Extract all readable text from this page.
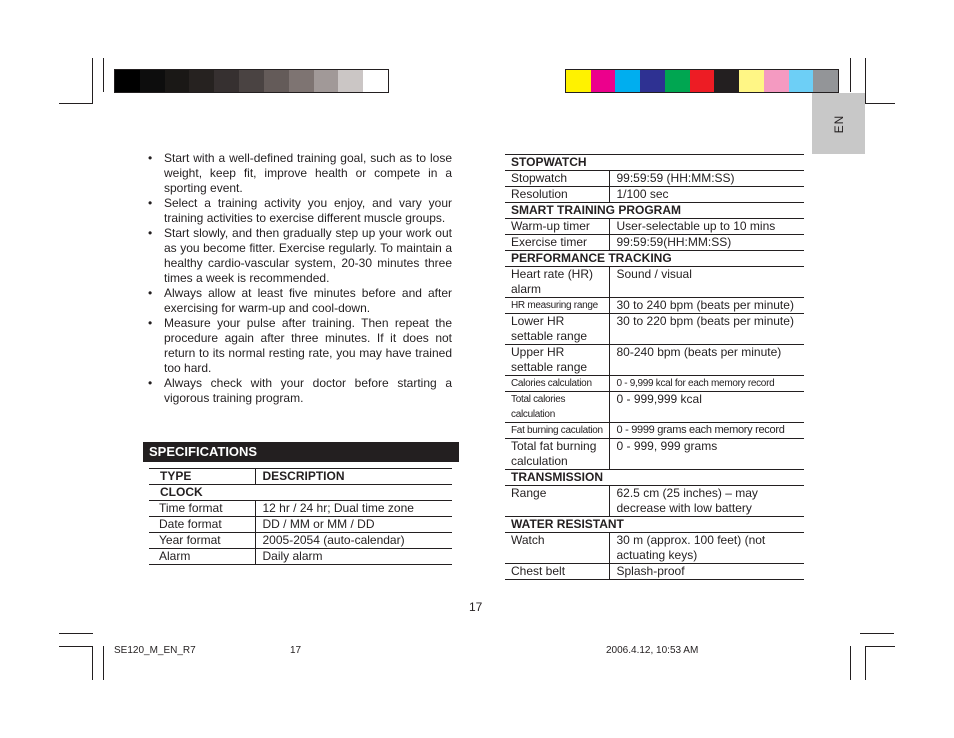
EN
• Start with a well-defined training goal, such as to lose weight, keep fit, improve health or compete in a sporting event.
• Select a training activity you enjoy, and vary your training activities to exercise different muscle groups.
• Start slowly, and then gradually step up your work out as you become fitter. Exercise regularly. To maintain a healthy cardio-vascular system, 20-30 minutes three times a week is recommended.
• Always allow at least five minutes before and after exercising for warm-up and cool-down.
• Measure your pulse after training. Then repeat the procedure again after three minutes. If it does not return to its normal resting rate, you may have trained too hard.
• Always check with your doctor before starting a vigorous training program.
SPECIFICATIONS
TYPE	DESCRIPTION
CLOCK	
Time format	12 hr / 24 hr; Dual time zone
Date format	DD / MM or MM / DD
Year format	2005-2054 (auto-calendar)
Alarm	Daily alarm
STOPWATCH	
Stopwatch	99:59:59 (HH:MM:SS)
Resolution	1/100 sec
SMART TRAINING PROGRAM	
Warm-up timer	User-selectable up to 10 mins
Exercise timer	99:59:59(HH:MM:SS)
PERFORMANCE TRACKING	
Heart rate (HR) alarm	Sound / visual
HR measuring range	30 to 240 bpm (beats per minute)
Lower HR settable range	30 to 220 bpm (beats per minute)
Upper HR settable range	80-240 bpm (beats per minute)
Calories calculation	0 - 9,999 kcal for each memory record
Total calories calculation	0 - 999,999 kcal
Fat burning caculation	0 - 9999 grams each memory record
Total fat burning calculation	0 - 999, 999 grams
TRANSMISSION	
Range	62.5 cm (25 inches) – may decrease with low battery
WATER RESISTANT	
Watch	30 m (approx. 100 feet) (not actuating keys)
Chest belt	Splash-proof
17
SE120_M_EN_R7	17	2006.4.12, 10:53 AM
